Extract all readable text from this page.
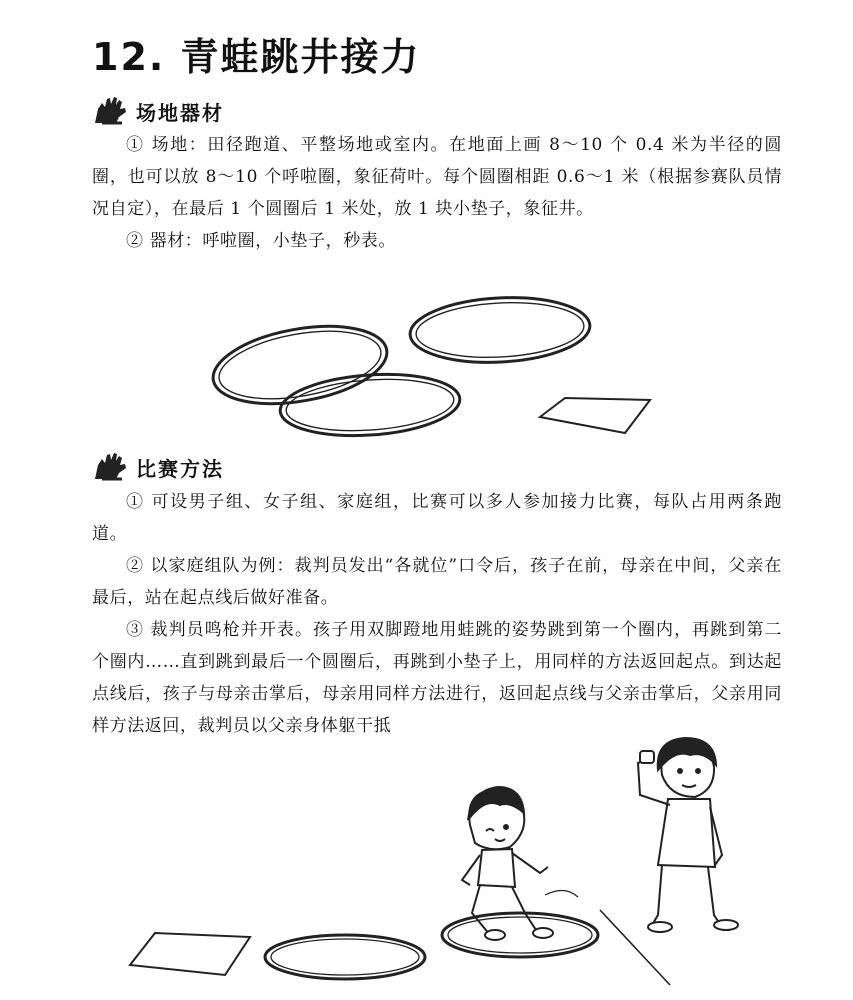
12. 青蛙跳井接力
场地器材

① 场地：田径跑道、平整场地或室内。在地面上画 8～10 个 0.4 米为半径的圆圈，也可以放 8～10 个呼啦圈，象征荷叶。每个圆圈相距 0.6～1 米（根据参赛队员情况自定），在最后 1 个圆圈后 1 米处，放 1 块小垫子，象征井。

② 器材：呼啦圈，小垫子，秒表。

比赛方法

① 可设男子组、女子组、家庭组，比赛可以多人参加接力比赛，每队占用两条跑道。

② 以家庭组队为例：裁判员发出“各就位”口令后，孩子在前，母亲在中间，父亲在最后，站在起点线后做好准备。

③ 裁判员鸣枪并开表。孩子用双脚蹬地用蛙跳的姿势跳到第一个圈内，再跳到第二个圈内……直到跳到最后一个圆圈后，再跳到小垫子上，用同样的方法返回起点。到达起点线后，孩子与母亲击掌后，母亲用同样方法进行，返回起点线与父亲击掌后，父亲用同样方法返回，裁判员以父亲身体躯干抵
